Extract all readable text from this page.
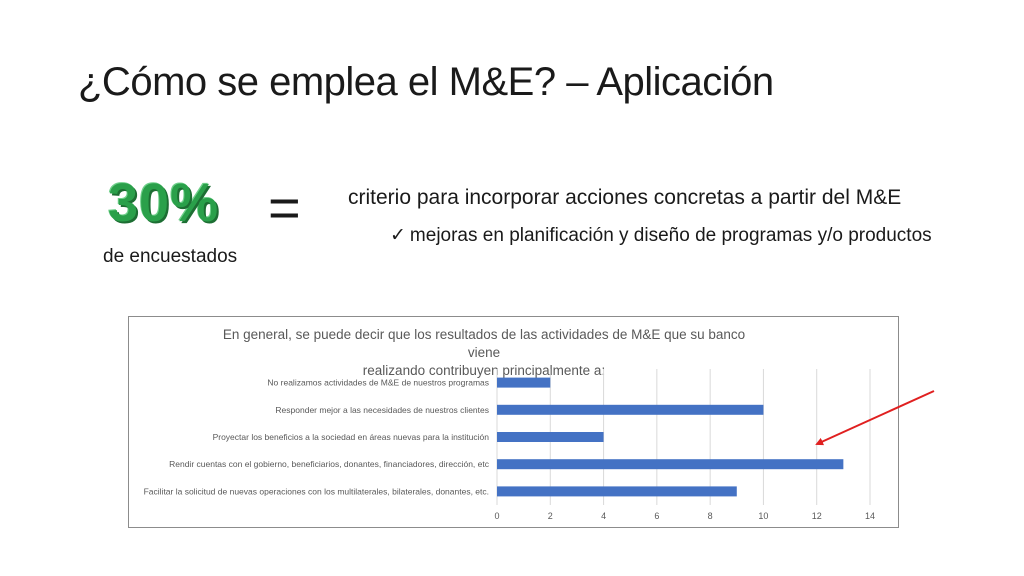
¿Cómo se emplea el M&E? – Aplicación
30%
de encuestados
= criterio para incorporar acciones concretas a partir del M&E
✓ mejoras en planificación y diseño de programas y/o productos
En general, se puede decir que los resultados de las actividades de M&E que su banco viene
realizando contribuyen principalmente a:
0	2	4	6	8	10	12	14
No realizamos actividades de M&E de nuestros programas
Responder mejor a las necesidades de nuestros clientes
Proyectar los beneficios a la sociedad en áreas nuevas para la institución
Rendir cuentas con el gobierno, beneficiarios, donantes, financiadores, dirección, etc
Facilitar la solicitud de nuevas operaciones con los multilaterales, bilaterales, donantes, etc.
